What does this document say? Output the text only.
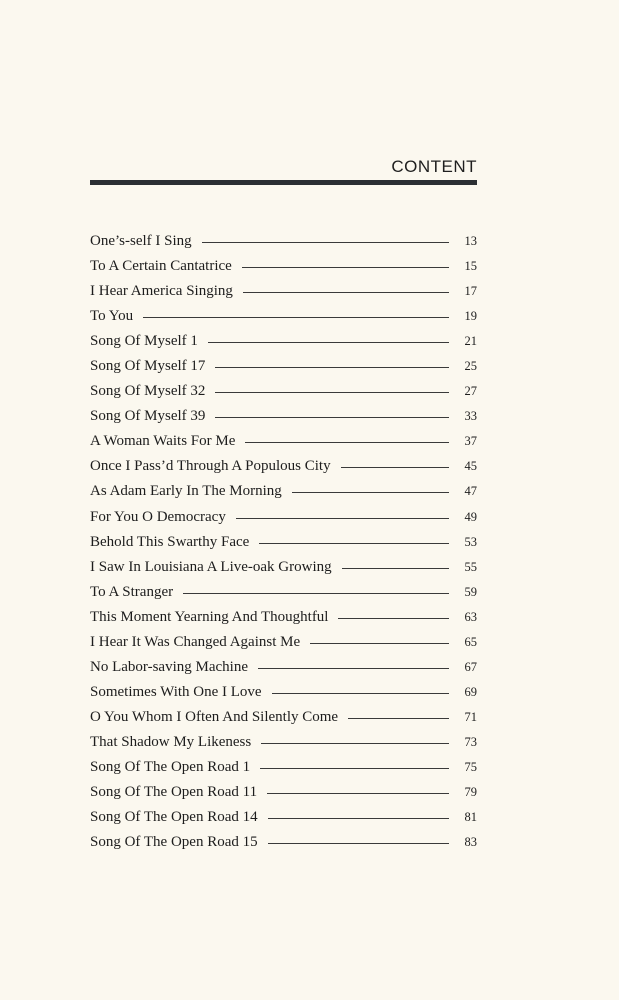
CONTENT
One’s-self I Sing	13
To A Certain Cantatrice	15
I Hear America Singing	17
To You	19
Song Of Myself 1	21
Song Of Myself 17	25
Song Of Myself 32	27
Song Of Myself 39	33
A Woman Waits For Me	37
Once I Pass’d Through A Populous City	45
As Adam Early In The Morning	47
For You O Democracy	49
Behold This Swarthy Face	53
I Saw In Louisiana A Live-oak Growing	55
To A Stranger	59
This Moment Yearning And Thoughtful	63
I Hear It Was Changed Against Me	65
No Labor-saving Machine	67
Sometimes With One I Love	69
O You Whom I Often And Silently Come	71
That Shadow My Likeness	73
Song Of The Open Road 1	75
Song Of The Open Road 11	79
Song Of The Open Road 14	81
Song Of The Open Road 15	83
